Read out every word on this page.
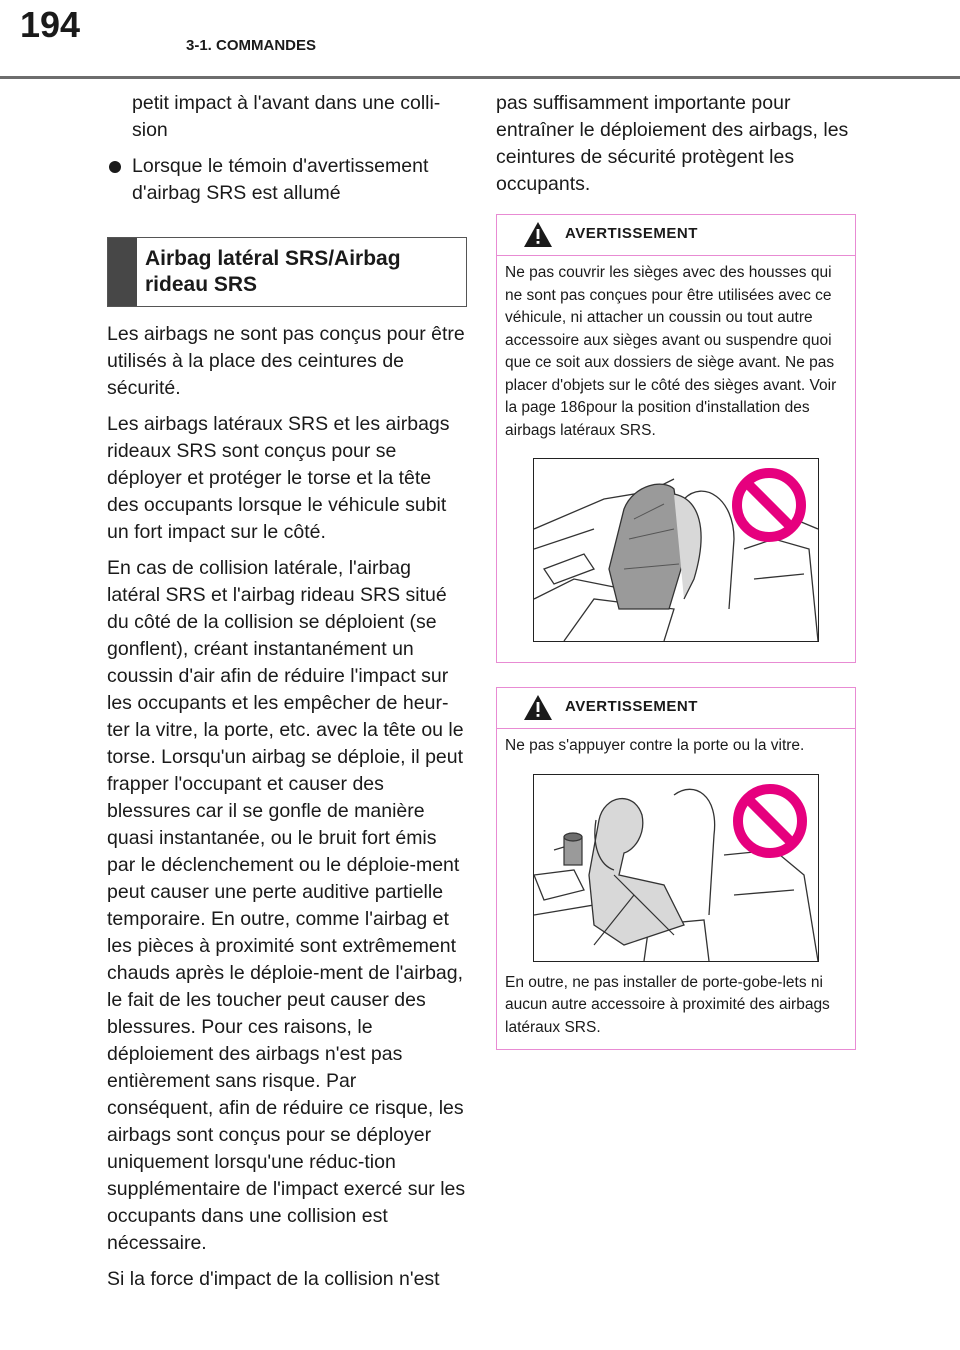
194
3-1. COMMANDES

petit impact à l'avant dans une colli-sion

Lorsque le témoin d'avertissement d'airbag SRS est allumé

Airbag latéral SRS/Airbag rideau SRS

Les airbags ne sont pas conçus pour être utilisés à la place des ceintures de sécurité.

Les airbags latéraux SRS et les airbags rideaux SRS sont conçus pour se déployer et protéger le torse et la tête des occupants lorsque le véhicule subit un fort impact sur le côté.

En cas de collision latérale, l'airbag latéral SRS et l'airbag rideau SRS situé du côté de la collision se déploient (se gonflent), créant instantanément un coussin d'air afin de réduire l'impact sur les occupants et les empêcher de heur-ter la vitre, la porte, etc. avec la tête ou le torse. Lorsqu'un airbag se déploie, il peut frapper l'occupant et causer des blessures car il se gonfle de manière quasi instantanée, ou le bruit fort émis par le déclenchement ou le déploie-ment peut causer une perte auditive partielle temporaire. En outre, comme l'airbag et les pièces à proximité sont extrêmement chauds après le déploie-ment de l'airbag, le fait de les toucher peut causer des blessures. Pour ces raisons, le déploiement des airbags n'est pas entièrement sans risque. Par conséquent, afin de réduire ce risque, les airbags sont conçus pour se déployer uniquement lorsqu'une réduc-tion supplémentaire de l'impact exercé sur les occupants dans une collision est nécessaire.

Si la force d'impact de la collision n'est

pas suffisamment importante pour entraîner le déploiement des airbags, les ceintures de sécurité protègent les occupants.

AVERTISSEMENT

Ne pas couvrir les sièges avec des housses qui ne sont pas conçues pour être utilisées avec ce véhicule, ni attacher un coussin ou tout autre accessoire aux sièges avant ou suspendre quoi que ce soit aux dossiers de siège avant. Ne pas placer d'objets sur le côté des sièges avant. Voir la page 186pour la position d'installation des airbags latéraux SRS.

AVERTISSEMENT

Ne pas s'appuyer contre la porte ou la vitre.

En outre, ne pas installer de porte-gobe-lets ni aucun autre accessoire à proximité des airbags latéraux SRS.
